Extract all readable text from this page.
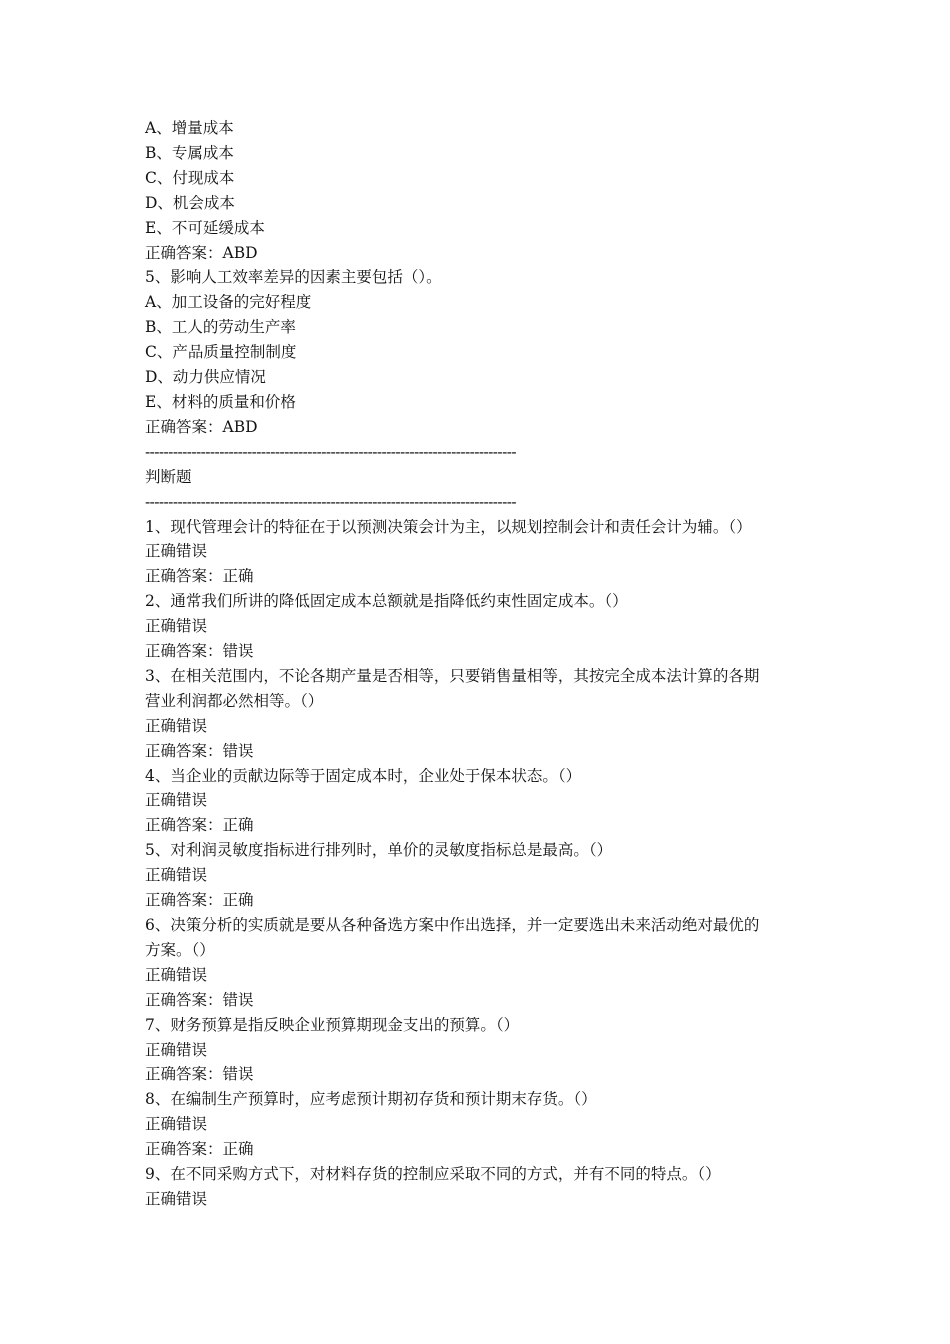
A、增量成本
B、专属成本
C、付现成本
D、机会成本
E、不可延缓成本
正确答案：ABD
5、影响人工效率差异的因素主要包括（）。
A、加工设备的完好程度
B、工人的劳动生产率
C、产品质量控制制度
D、动力供应情况
E、材料的质量和价格
正确答案：ABD
--------------------------------------------------------------------------------
判断题
--------------------------------------------------------------------------------
1、现代管理会计的特征在于以预测决策会计为主，以规划控制会计和责任会计为辅。（）
正确错误
正确答案：正确
2、通常我们所讲的降低固定成本总额就是指降低约束性固定成本。（）
正确错误
正确答案：错误
3、在相关范围内，不论各期产量是否相等，只要销售量相等，其按完全成本法计算的各期
营业利润都必然相等。（）
正确错误
正确答案：错误
4、当企业的贡献边际等于固定成本时，企业处于保本状态。（）
正确错误
正确答案：正确
5、对利润灵敏度指标进行排列时，单价的灵敏度指标总是最高。（）
正确错误
正确答案：正确
6、决策分析的实质就是要从各种备选方案中作出选择，并一定要选出未来活动绝对最优的
方案。（）
正确错误
正确答案：错误
7、财务预算是指反映企业预算期现金支出的预算。（）
正确错误
正确答案：错误
8、在编制生产预算时，应考虑预计期初存货和预计期末存货。（）
正确错误
正确答案：正确
9、在不同采购方式下，对材料存货的控制应采取不同的方式，并有不同的特点。（）
正确错误
